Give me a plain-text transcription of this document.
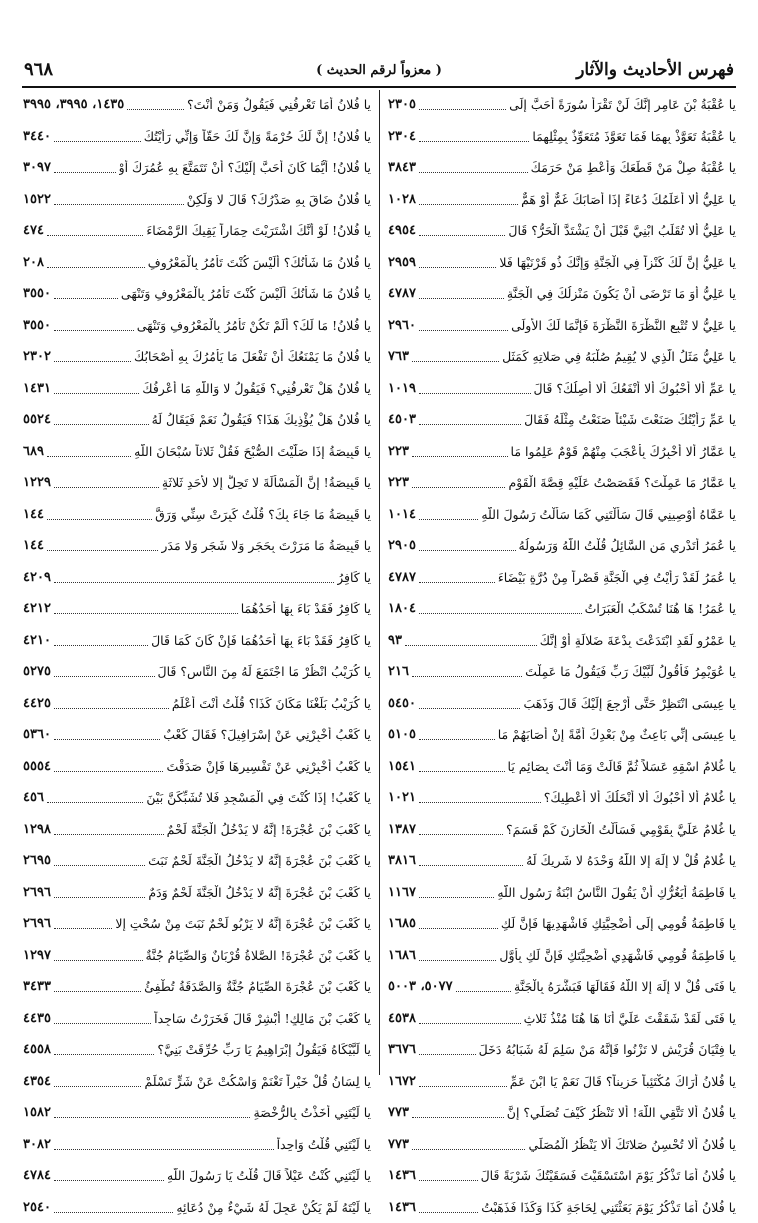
فهرس الأحاديث والآثار
( معزواً لرقم الحديث )
٩٦٨
يا عُقْبَةُ بْنَ عَامِرٍ إِنَّكَ لَنْ تَقْرَأَ سُورَةً أَحَبَّ إِلَى
٢٣٠٥
يا عُقْبَةُ تَعَوَّذْ بِهِمَا فَمَا تَعَوَّذَ مُتَعَوِّذٌ بِمِثْلِهِمَا
٢٣٠٤
يا عُقْبَةُ صِلْ مَنْ قَطَعَكَ وَأَعْطِ مَنْ حَرَمَكَ
٣٨٤٣
يا عَلِيُّ أَلا أُعَلِّمُكَ دُعَاءً إِذَا أَصَابَكَ غَمٌّ أَوْ هَمٌّ
١٠٢٨
يا عَلِيُّ أَلا تُقَلِّبُ ابْنِيَّ قَبْلَ أَنْ يَشْتَدَّ الْحَرُّ؟ قَالَ
٤٩٥٤
يا عَلِيُّ إِنَّ لَكَ كَنْزاً فِي الْجَنَّةِ وَإِنَّكَ ذُو قَرْنَيْهَا فَلا
٢٩٥٩
يا عَلِيُّ أَوَ مَا تَرْضَى أَنْ يَكُونَ مَنْزِلُكَ فِي الْجَنَّةِ
٤٧٨٧
يا عَلِيُّ لا تُتْبِعِ النَّظْرَةَ النَّظْرَةَ فَإِنَّمَا لَكَ الأُولَى
٢٩٦٠
يا عَلِيُّ مَثَلُ الَّذِي لا يُقِيمُ صُلْبَهُ فِي صَلاتِهِ كَمَثَلِ
٧٦٣
يا عَمِّ أَلا أَحْبُوكَ أَلا أَنْفَعُكَ أَلا أَصِلُكَ؟ قَالَ
١٠١٩
يا عَمِّ رَأَيْتُكَ صَنَعْتَ شَيْئاً صَنَعْتُ مِثْلَهُ فَقَالَ
٤٥٠٣
يا عَمَّارُ أَلا أُخْبِرُكَ بِأَعْجَبَ مِنْهُمْ قَوْمٌ عَلِمُوا مَا
٢٢٣
يا عَمَّارُ مَا عَمِلْتَ؟ فَقَصَصْتُ عَلَيْهِ قِصَّةَ الْقَوْمِ
٢٢٣
يا عَمَّاهُ أَوْصِينِي قَالَ سَأَلْتَنِي كَمَا سَأَلْتُ رَسُولَ اللَّهِ
١٠١٤
يا عُمَرُ أَتَدْرِي مَنِ السَّائِلُ قُلْتُ اللَّهُ وَرَسُولُهُ
٢٩٠٥
يا عُمَرُ لَقَدْ رَأَيْتُ فِي الْجَنَّةِ قَصْراً مِنْ دُرَّةٍ بَيْضَاءَ
٤٧٨٧
يا عُمَرُ! هَا هُنَا تُسْكَبُ الْعَبَرَاتُ
١٨٠٤
يا عَمْرُو لَقَدِ ابْتَدَعْتَ بِدْعَةَ ضَلالَةٍ أَوْ إِنَّكَ
٩٣
يا عُوَيْمِرُ فَأَقُولُ لَبَّيْكَ رَبِّ فَيَقُولُ مَا عَمِلْتَ
٢١٦
يا عِيسَى انْتَظِرْ حَتَّى أَرْجِعَ إِلَيْكَ قَالَ وَذَهَبَ
٥٤٥٠
يا عِيسَى إِنِّي بَاعِثٌ مِنْ بَعْدِكَ أُمَّةً إِنْ أَصَابَهُمْ مَا
٥١٠٥
يا غُلامُ اسْقِهِ عَسَلاً ثُمَّ قَالَتْ وَمَا أَنْتَ بِصَائِمٍ يَا
١٥٤١
يا غُلامُ أَلا أَحْبُوكَ أَلا أَنْحَلُكَ أَلا أُعْطِيكَ؟
١٠٢١
يا غُلامُ عَلَيَّ بِقَوْمِي فَسَأَلْتُ الْخَازِنَ كَمْ قَسَمَ؟
١٣٨٧
يا غُلامُ قُلْ لا إِلَهَ إِلا اللَّهُ وَحْدَهُ لا شَرِيكَ لَهُ
٣٨١٦
يا فَاطِمَةُ أَيَغُرُّكِ أَنْ يَقُولَ النَّاسُ ابْنَةُ رَسُولِ اللَّهِ
١١٦٧
يا فَاطِمَةُ قُومِي إِلَى أُضْحِيَّتِكِ فَاشْهَدِيهَا فَإِنَّ لَكِ
١٦٨٥
يا فَاطِمَةُ قُومِي فَاشْهَدِي أُضْحِيَّتَكِ فَإِنَّ لَكِ بِأَوَّلِ
١٦٨٦
يا فَتَى قُلْ لا إِلَهَ إِلا اللَّهُ فَقَالَهَا فَبَشَّرَهُ بِالْجَنَّةِ
٥٠٧٧، ٥٠٠٣
يا فَتَى لَقَدْ شَقَقْتَ عَلَيَّ أَنَا هَا هُنَا مُنْذُ ثَلاثٍ
٤٥٣٨
يا فِتْيَانَ قُرَيْشٍ لا تَزْنُوا فَإِنَّهُ مَنْ سَلِمَ لَهُ شَبَابُهُ دَخَلَ
٣٦٧٦
يا فُلانُ أَرَاكَ مُكْتَئِباً حَزِيناً؟ قَالَ نَعَمْ يَا ابْنَ عَمِّ
١٦٧٢
يا فُلانُ أَلا تَتَّقِي اللَّهَ! أَلا تَنْظُرُ كَيْفَ تُصَلِّي؟ إِنَّ
٧٧٣
يا فُلانُ أَلا تُحْسِنُ صَلاتَكَ أَلا يَنْظُرُ الْمُصَلِّي
٧٧٣
يا فُلانُ أَمَا تَذْكُرُ يَوْمَ اسْتَسْقَيْتَ فَسَقَيْتُكَ شَرْبَةً قَالَ
١٤٣٦
يا فُلانُ أَمَا تَذْكُرُ يَوْمَ بَعَثْتَنِي لِحَاجَةِ كَذَا وَكَذَا فَذَهَبْتُ
١٤٣٦
يا فُلانُ أَمَا تَعْرِفُنِي فَيَقُولُ وَمَنْ أَنْتَ؟
١٤٣٥، ٣٩٩٥، ٣٩٩٥
يا فُلانُ! إِنَّ لَكَ حُرْمَةً وَإِنَّ لَكَ حَقّاً وَإِنِّي رَأَيْتُكَ
٣٤٤٠
يا فُلانُ! أَيُّمَا كَانَ أَحَبَّ إِلَيْكَ؟ أَنْ تَتَمَتَّعَ بِهِ عُمُرَكَ أَوْ
٣٠٩٧
يا فُلانُ ضَاقَ بِهِ صَدْرُكَ؟ قَالَ لا وَلَكِنْ
١٥٢٢
يا فُلانُ! لَوْ أَنَّكَ اشْتَرَيْتَ حِمَاراً يَقِيكَ الرَّمْضَاءَ
٤٧٤
يا فُلانُ مَا شَأْنُكَ؟ أَلَيْسَ كُنْتَ تَأْمُرُ بِالْمَعْرُوفِ
٢٠٨
يا فُلانُ مَا شَأْنُكَ أَلَيْسَ كُنْتَ تَأْمُرُ بِالْمَعْرُوفِ وَتَنْهَى
٣٥٥٠
يا فُلانُ! مَا لَكَ؟ أَلَمْ تَكُنْ تَأْمُرُ بِالْمَعْرُوفِ وَتَنْهَى
٣٥٥٠
يا فُلانُ مَا يَمْنَعُكَ أَنْ تَفْعَلَ مَا يَأْمُرُكَ بِهِ أَصْحَابُكَ
٢٣٠٢
يا فُلانُ هَلْ تَعْرِفُنِي؟ فَيَقُولُ لا وَاللَّهِ مَا أَعْرِفُكَ
١٤٣١
يا فُلانُ هَلْ يُؤْذِيكَ هَذَا؟ فَيَقُولُ نَعَمْ فَيَقَالُ لَهُ
٥٥٢٤
يا قَبِيصَةُ إِذَا صَلَّيْتَ الصُّبْحَ فَقُلْ ثَلاثاً سُبْحَانَ اللَّهِ
٦٨٩
يا قَبِيصَةُ! إِنَّ الْمَسْأَلَةَ لا تَحِلُّ إِلا لأَحَدِ ثَلاثَةٍ
١٢٢٩
يا قَبِيصَةُ مَا جَاءَ بِكَ؟ قُلْتُ كَبِرَتْ سِنِّي وَرَقَّ
١٤٤
يا قَبِيصَةُ مَا مَرَرْتَ بِحَجَرٍ وَلا شَجَرٍ وَلا مَدَرٍ
١٤٤
يا كَافِرُ
٤٢٠٩
يا كَافِرُ فَقَدْ بَاءَ بِهَا أَحَدُهُمَا
٤٢١٢
يا كَافِرُ فَقَدْ بَاءَ بِهَا أَحَدُهُمَا فَإِنْ كَانَ كَمَا قَالَ
٤٢١٠
يا كُرَيْبُ انْظُرْ مَا اجْتَمَعَ لَهُ مِنَ النَّاسِ؟ قَالَ
٥٢٧٥
يا كُرَيْبُ بَلَغْنَا مَكَانَ كَذَا؟ قُلْتُ أَنْتَ أَعْلَمُ
٤٤٢٥
يا كَعْبُ أَخْبِرْنِي عَنْ إِسْرَافِيلَ؟ فَقَالَ كَعْبٌ
٥٣٦٠
يا كَعْبُ أَخْبِرْنِي عَنْ تَفْسِيرِهَا فَإِنْ صَدَقْتَ
٥٥٥٤
يا كَعْبُ! إِذَا كُنْتَ فِي الْمَسْجِدِ فَلا تُشَبِّكَنَّ بَيْنَ
٤٥٦
يا كَعْبَ بْنَ عُجْرَةَ! إِنَّهُ لا يَدْخُلُ الْجَنَّةَ لَحْمٌ
١٢٩٨
يا كَعْبَ بْنَ عُجْرَةَ إِنَّهُ لا يَدْخُلُ الْجَنَّةَ لَحْمٌ نَبَتَ
٢٦٩٥
يا كَعْبَ بْنَ عُجْرَةَ إِنَّهُ لا يَدْخُلُ الْجَنَّةَ لَحْمٌ وَدَمٌ
٢٦٩٦
يا كَعْبَ بْنَ عُجْرَةَ إِنَّهُ لا يَرْبُو لَحْمٌ نَبَتَ مِنْ سُحْتٍ إِلا
٢٦٩٦
يا كَعْبَ بْنَ عُجْرَةَ! الصَّلاةُ قُرْبَانٌ وَالصِّيَامُ جُنَّةٌ
١٢٩٧
يا كَعْبَ بْنَ عُجْرَةَ الصِّيَامُ جُنَّةٌ وَالصَّدَقَةُ تُطْفِئُ
٣٤٣٣
يا كَعْبَ بْنَ مَالِكٍ! أَبْشِرْ قَالَ فَخَرَرْتُ سَاجِداً
٤٤٣٥
يا لَبَّيْكَاهُ فَيَقُولُ إِبْرَاهِيمُ يَا رَبِّ حُرِّقَتْ بَنِيَّ؟
٤٥٥٨
يا لِسَانُ قُلْ خَيْراً تَغْنَمْ وَاسْكُتْ عَنْ شَرٍّ تَسْلَمْ
٤٣٥٤
يا لَيْتَنِي أَخَذْتُ بِالرُّخْصَةِ
١٥٨٢
يا لَيْتَنِي قُلْتُ وَاحِداً
٣٠٨٢
يا لَيْتَنِي كُنْتُ عَيْلاً قَالَ قُلْتُ يَا رَسُولَ اللَّهِ
٤٧٨٤
يا لَيْتَهُ لَمْ يَكُنْ عَجِلَ لَهُ شَيْءٌ مِنْ دُعَائِهِ
٢٥٤٠
